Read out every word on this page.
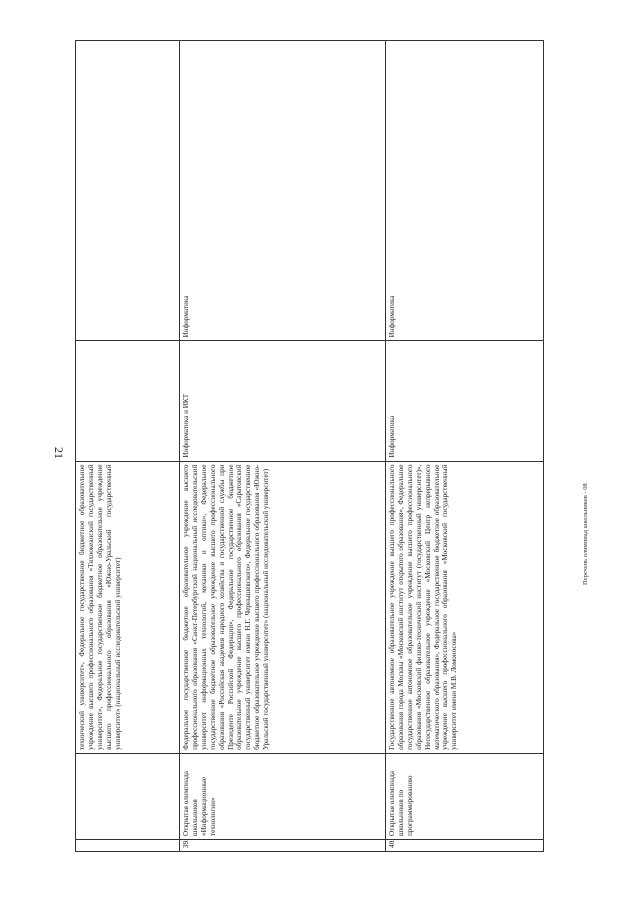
21
		технический университет», Федеральное государственное бюджетное образовательное учреждение высшего профессионального образования «Тихоокеанский государственный университет», Федеральное государственное бюджетное образовательное учреждение высшего профессионального образования «Южно-Уральский государственный университет» (национальный исследовательский университет)		
39.	Открытая олимпиада школьников «Информационные технологии»	Федеральное государственное бюджетное образовательное учреждение высшего профессионального образования «Санкт-Петербургский национальный исследовательский университет информационных технологий, механики и оптики», Федеральное государственное бюджетное образовательное учреждение высшего профессионального образования «Российская академия народного хозяйства и государственной службы при Президенте Российской Федерации», Федеральное государственное бюджетное образовательное учреждение высшего профессионального образования «Саратовский государственный университет имени Н.Г. Чернышевского», Федеральное государственное бюджетное образовательное учреждение высшего профессионального образования «Южно-Уральский государственный университет» (национальный исследовательский университет)	Информатика и ИКТ	Информатика
40.	Открытая олимпиада школьников по программированию	Государственное автономное образовательное учреждение высшего профессионального образования города Москвы «Московский институт открытого образования», Федеральное государственное автономное образовательное учреждение высшего профессионального образования «Московский физико-технический институт (государственный университет)», Негосударственное образовательное учреждение «Московский Центр непрерывного математического образования», Федеральное государственное бюджетное образовательное учреждение высшего профессионального образования «Московский государственный университет имени М.В. Ломоносова»	Информатика	Информатика
Перечень олимпиад школьников - 08
